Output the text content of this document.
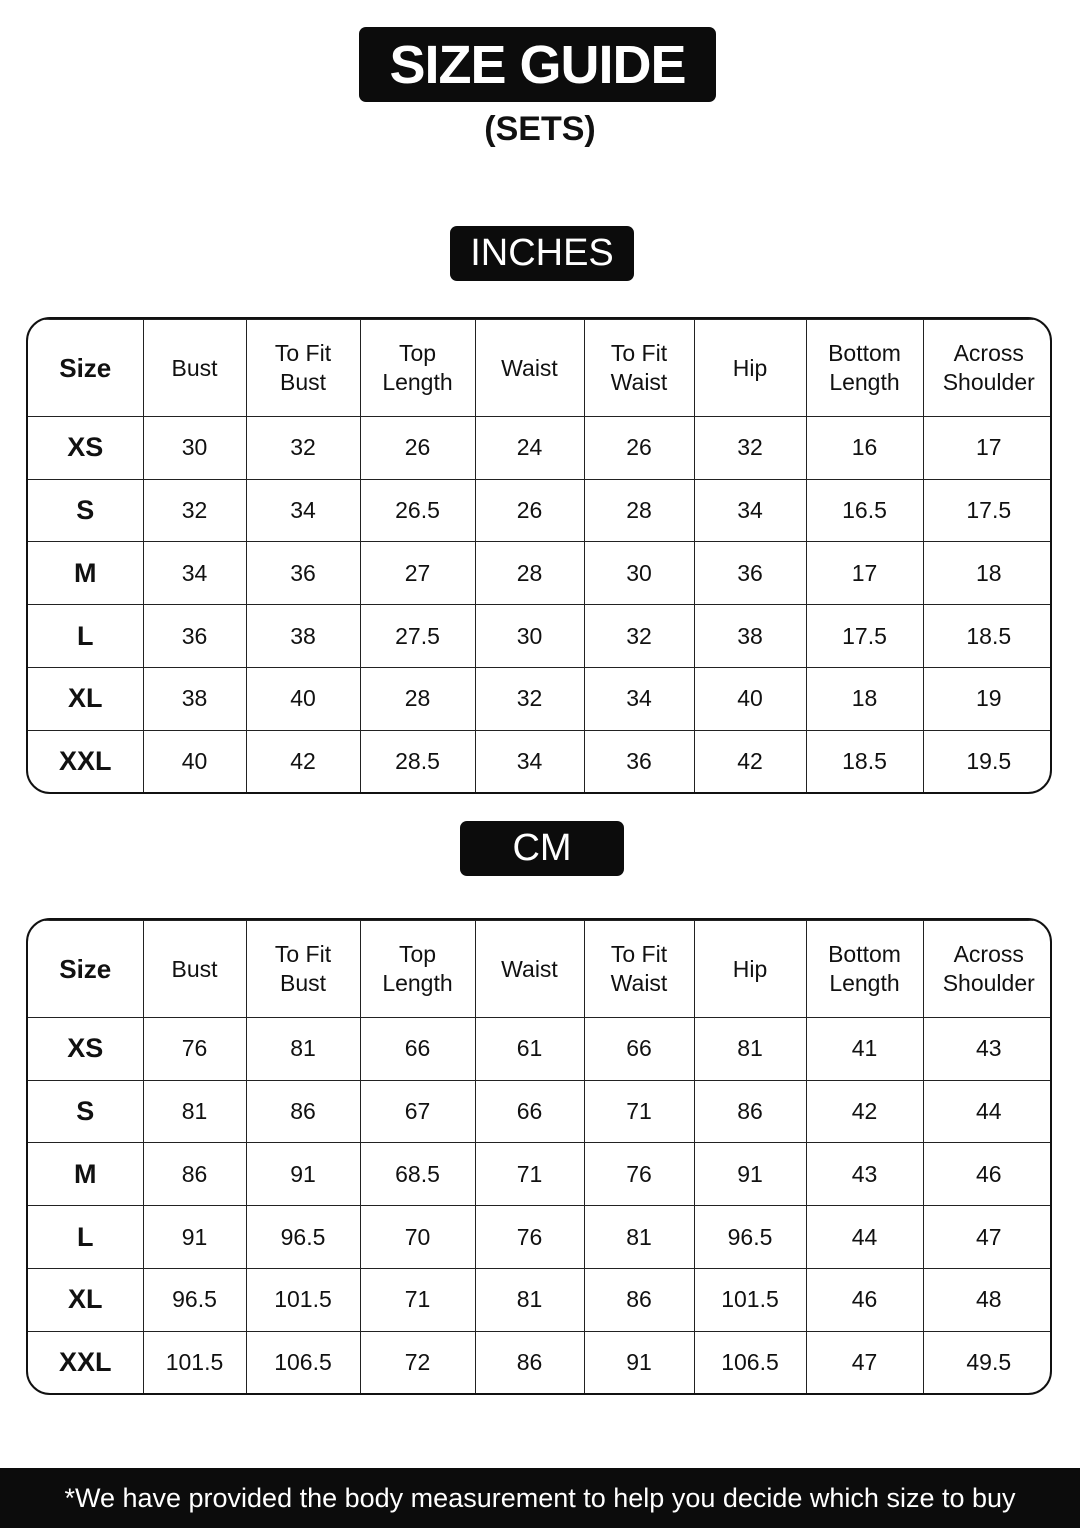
SIZE GUIDE
(SETS)
INCHES
Size	Bust	To Fit Bust	Top Length	Waist	To Fit Waist	Hip	Bottom Length	Across Shoulder
XS	30	32	26	24	26	32	16	17
S	32	34	26.5	26	28	34	16.5	17.5
M	34	36	27	28	30	36	17	18
L	36	38	27.5	30	32	38	17.5	18.5
XL	38	40	28	32	34	40	18	19
XXL	40	42	28.5	34	36	42	18.5	19.5
CM
Size	Bust	To Fit Bust	Top Length	Waist	To Fit Waist	Hip	Bottom Length	Across Shoulder
XS	76	81	66	61	66	81	41	43
S	81	86	67	66	71	86	42	44
M	86	91	68.5	71	76	91	43	46
L	91	96.5	70	76	81	96.5	44	47
XL	96.5	101.5	71	81	86	101.5	46	48
XXL	101.5	106.5	72	86	91	106.5	47	49.5
*We have provided the body measurement to help you decide which size to buy
